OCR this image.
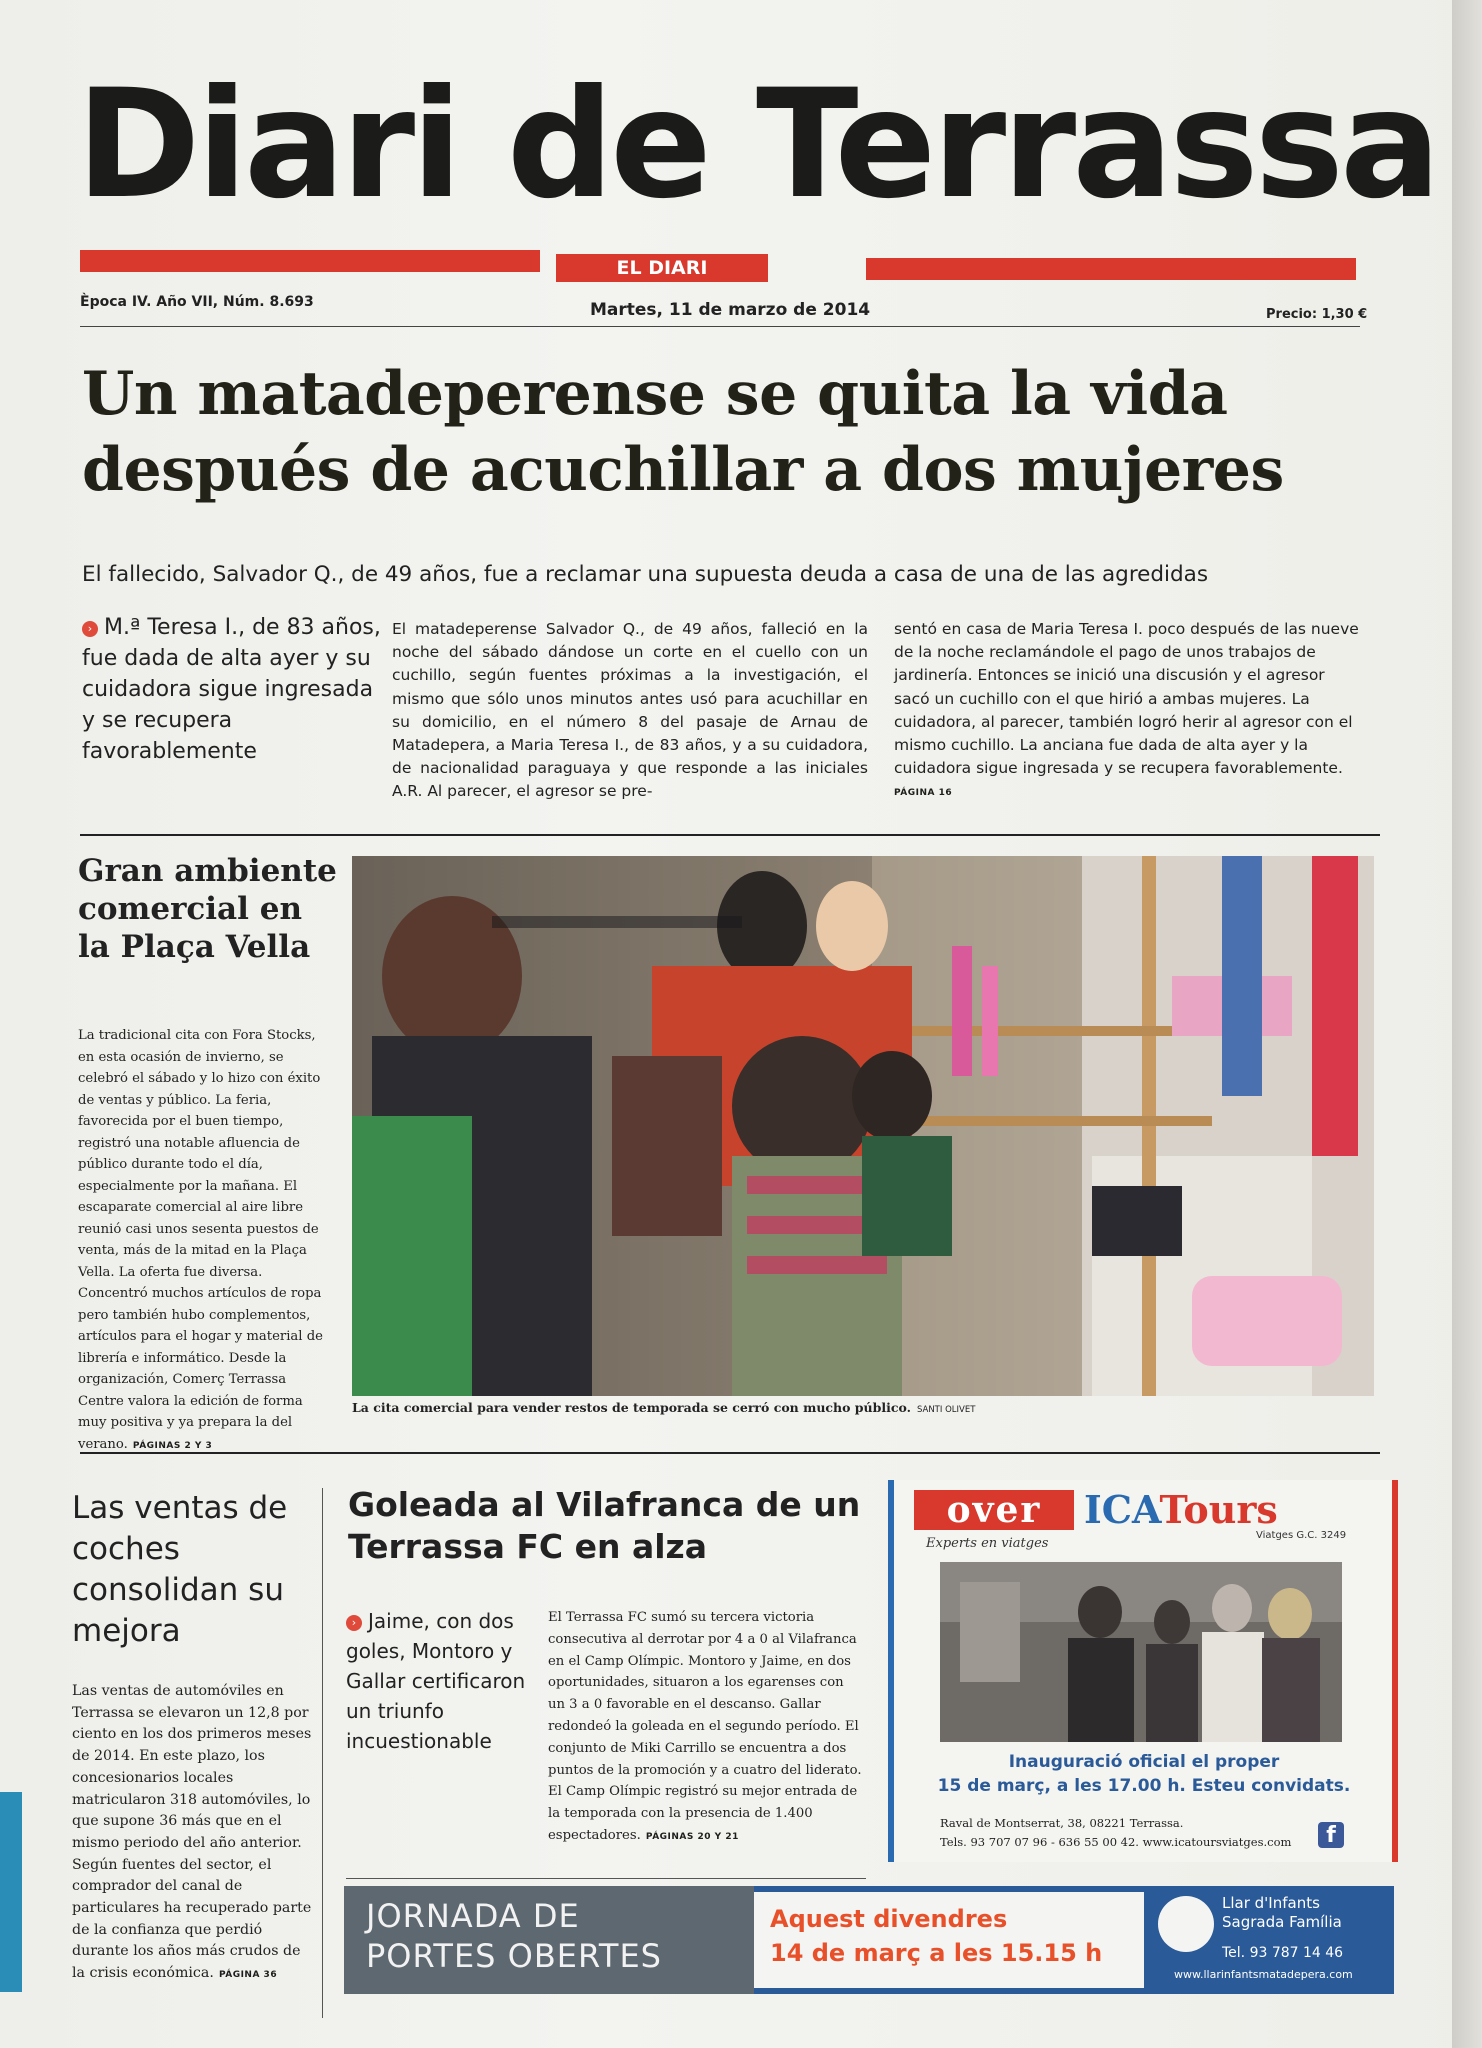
Diari de Terrassa
EL DIARI
Època IV. Año VII, Núm. 8.693	Martes, 11 de marzo de 2014	Precio: 1,30 €
Un matadeperense se quita la vida
después de acuchillar a dos mujeres
El fallecido, Salvador Q., de 49 años, fue a reclamar una supuesta deuda a casa de una de las agredidas
› M.ª Teresa I., de 83 años, fue dada de alta ayer y su cuidadora sigue ingresada y se recupera favorablemente
El matadeperense Salvador Q., de 49 años, falleció en la noche del sábado dándose un corte en el cuello con un cuchillo, según fuentes próximas a la investigación, el mismo que sólo unos minutos antes usó para acuchillar en su domicilio, en el número 8 del pasaje de Arnau de Matadepera, a Maria Teresa I., de 83 años, y a su cuidadora, de nacionalidad paraguaya y que responde a las iniciales A.R. Al parecer, el agresor se pre-
sentó en casa de Maria Teresa I. poco después de las nueve de la noche reclamándole el pago de unos trabajos de jardinería. Entonces se inició una discusión y el agresor sacó un cuchillo con el que hirió a ambas mujeres. La cuidadora, al parecer, también logró herir al agresor con el mismo cuchillo. La anciana fue dada de alta ayer y la cuidadora sigue ingresada y se recupera favorablemente. PÁGINA 16
Gran ambiente comercial en la Plaça Vella
La tradicional cita con Fora Stocks, en esta ocasión de invierno, se celebró el sábado y lo hizo con éxito de ventas y público. La feria, favorecida por el buen tiempo, registró una notable afluencia de público durante todo el día, especialmente por la mañana. El escaparate comercial al aire libre reunió casi unos sesenta puestos de venta, más de la mitad en la Plaça Vella. La oferta fue diversa. Concentró muchos artículos de ropa pero también hubo complementos, artículos para el hogar y material de librería e informático. Desde la organización, Comerç Terrassa Centre valora la edición de forma muy positiva y ya prepara la del verano. PÁGINAS 2 Y 3
La cita comercial para vender restos de temporada se cerró con mucho público. SANTI OLIVET
Las ventas de coches consolidan su mejora
Las ventas de automóviles en Terrassa se elevaron un 12,8 por ciento en los dos primeros meses de 2014. En este plazo, los concesionarios locales matricularon 318 automóviles, lo que supone 36 más que en el mismo periodo del año anterior. Según fuentes del sector, el comprador del canal de particulares ha recuperado parte de la confianza que perdió durante los años más crudos de la crisis económica. PÁGINA 36
Goleada al Vilafranca de un Terrassa FC en alza
› Jaime, con dos goles, Montoro y Gallar certificaron un triunfo incuestionable
El Terrassa FC sumó su tercera victoria consecutiva al derrotar por 4 a 0 al Vilafranca en el Camp Olímpic. Montoro y Jaime, en dos oportunidades, situaron a los egarenses con un 3 a 0 favorable en el descanso. Gallar redondeó la goleada en el segundo período. El conjunto de Miki Carrillo se encuentra a dos puntos de la promoción y a cuatro del liderato. El Camp Olímpic registró su mejor entrada de la temporada con la presencia de 1.400 espectadores. PÁGINAS 20 Y 21
over	ICATours
Experts en viatges
Viatges G.C. 3249
Inauguració oficial el proper
15 de març, a les 17.00 h. Esteu convidats.
Raval de Montserrat, 38, 08221 Terrassa.
Tels. 93 707 07 96 - 636 55 00 42. www.icatoursviatges.com	f
JORNADA DE
PORTES OBERTES
Aquest divendres
14 de març a les 15.15 h
Llar d'Infants
Sagrada Família
Tel. 93 787 14 46
www.llarinfantsmatadepera.com
